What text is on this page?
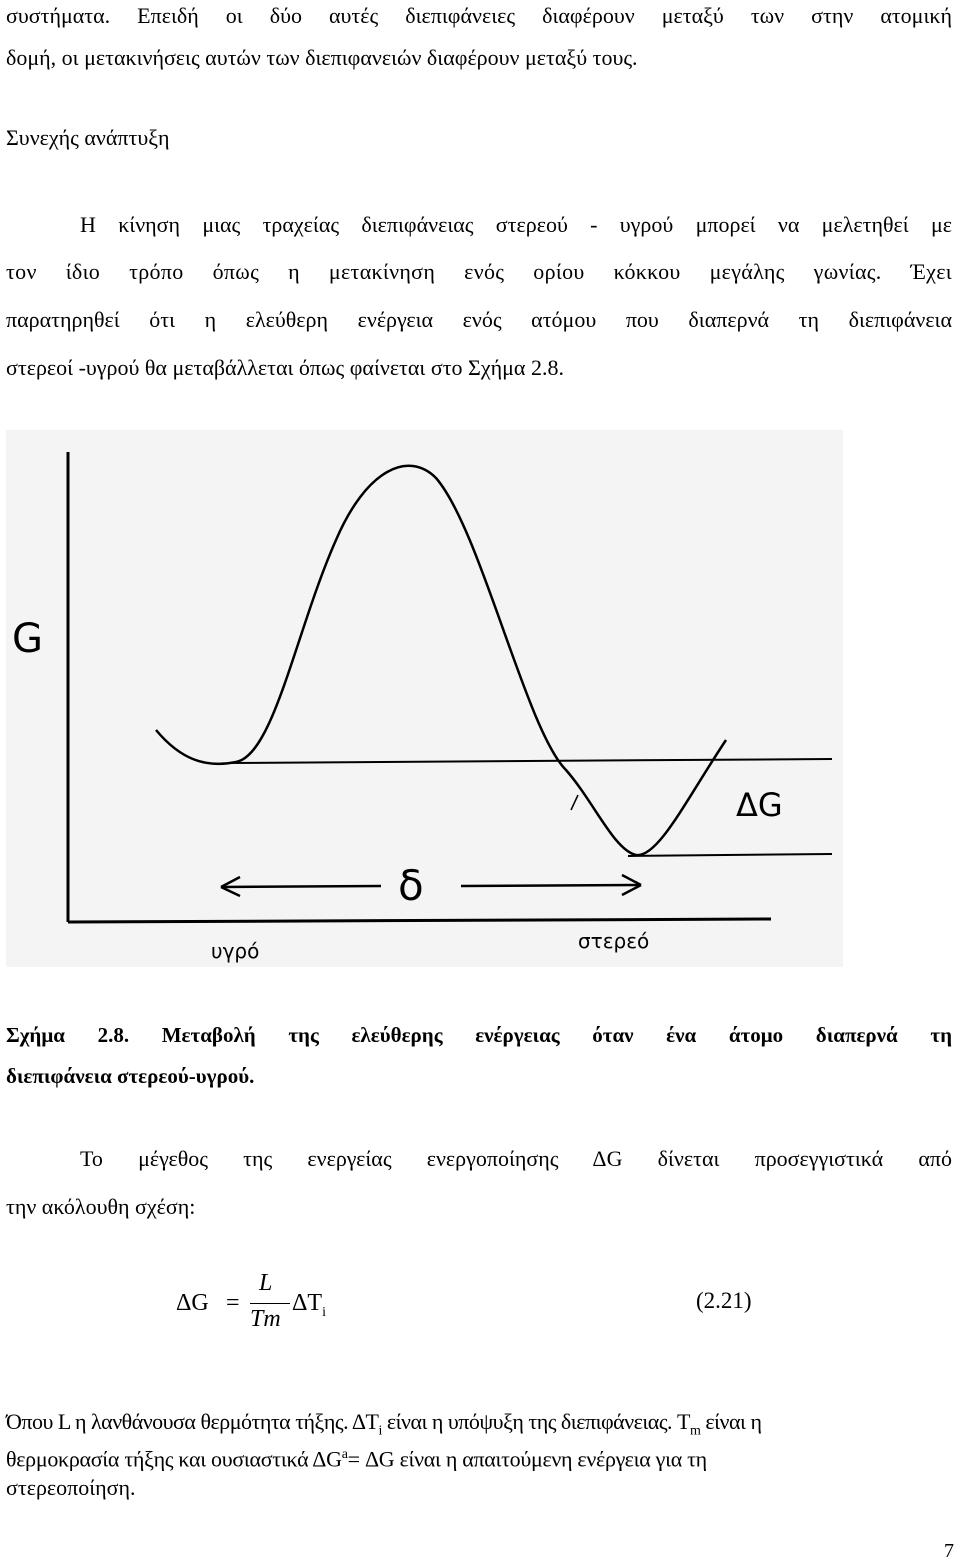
συστήματα. Επειδή οι δύο αυτές διεπιφάνειες διαφέρουν μεταξύ των στην ατομική
δομή, οι μετακινήσεις αυτών των διεπιφανειών διαφέρουν μεταξύ τους.
Συνεχής ανάπτυξη
Η κίνηση μιας τραχείας διεπιφάνειας στερεού - υγρού μπορεί να μελετηθεί με
τον ίδιο τρόπο όπως η μετακίνηση ενός ορίου κόκκου μεγάλης γωνίας. Έχει
παρατηρηθεί ότι η ελεύθερη ενέργεια ενός ατόμου που διαπερνά τη διεπιφάνεια
στερεοί -υγρού θα μεταβάλλεται όπως φαίνεται στο Σχήμα 2.8.
G
δ
ΔG
υγρό	στερεό
Σχήμα 2.8. Μεταβολή της ελεύθερης ενέργειας όταν ένα άτομο διαπερνά τη
διεπιφάνεια στερεού-υγρού.
Το μέγεθος της ενεργείας ενεργοποίησης ΔG δίνεται προσεγγιστικά από
την ακόλουθη σχέση:
ΔG =
L
Tm
$\Delta T_i$	(2.21)
Όπου L η λανθάνουσα θερμότητα τήξης. $\Delta T_i$ είναι η υπόψυξη της διεπιφάνειας. $T_m$ είναι η
θερμοκρασία τήξης και ουσιαστικά $\Delta G^a= \Delta G$ είναι η απαιτούμενη ενέργεια για τη
στερεοποίηση.
7
